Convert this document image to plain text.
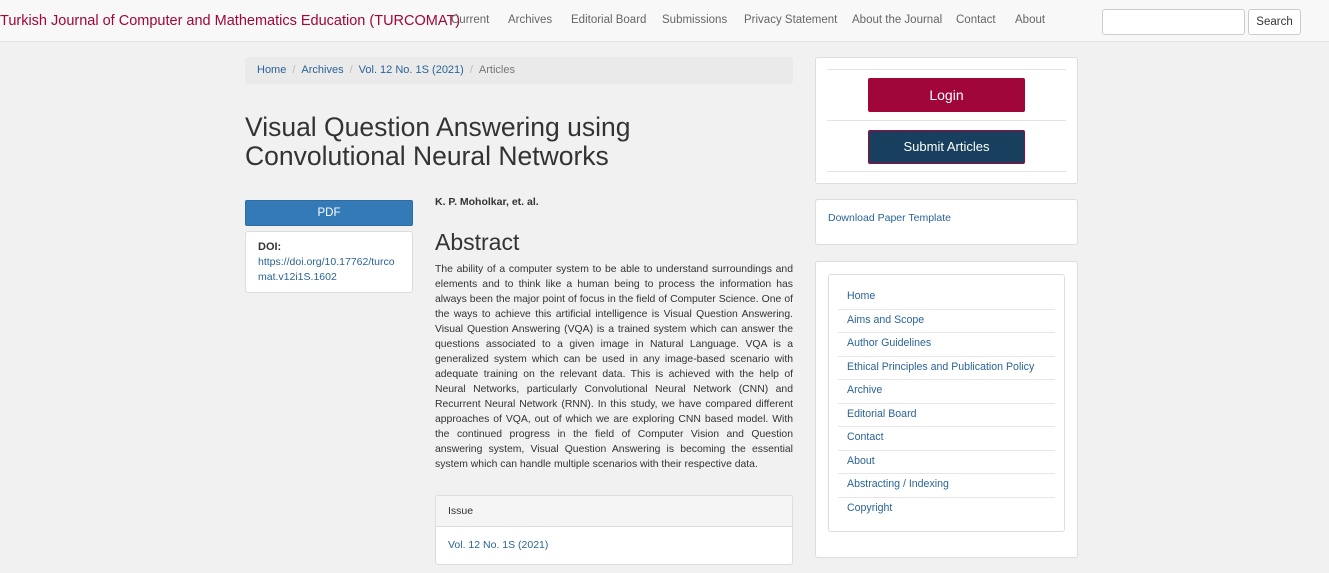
Turkish Journal of Computer and Mathematics Education (TURCOMAT)
Current Archives Editorial Board Submissions Privacy Statement About the Journal Contact About	Search
Home / Archives / Vol. 12 No. 1S (2021) / Articles
Visual Question Answering using Convolutional Neural Networks
PDF
DOI:
https://doi.org/10.17762/turcomat.v12i1S.1602
K. P. Moholkar, et. al.
Abstract

The ability of a computer system to be able to understand surroundings and elements and to think like a human being to process the information has always been the major point of focus in the field of Computer Science. One of the ways to achieve this artificial intelligence is Visual Question Answering. Visual Question Answering (VQA) is a trained system which can answer the questions associated to a given image in Natural Language. VQA is a generalized system which can be used in any image-based scenario with adequate training on the relevant data. This is achieved with the help of Neural Networks, particularly Convolutional Neural Network (CNN) and Recurrent Neural Network (RNN). In this study, we have compared different approaches of VQA, out of which we are exploring CNN based model. With the continued progress in the field of Computer Vision and Question answering system, Visual Question Answering is becoming the essential system which can handle multiple scenarios with their respective data.

Issue
Vol. 12 No. 1S (2021)
Login
Submit Articles
Download Paper Template
Home
Aims and Scope
Author Guidelines
Ethical Principles and Publication Policy
Archive
Editorial Board
Contact
About
Abstracting / Indexing
Copyright
